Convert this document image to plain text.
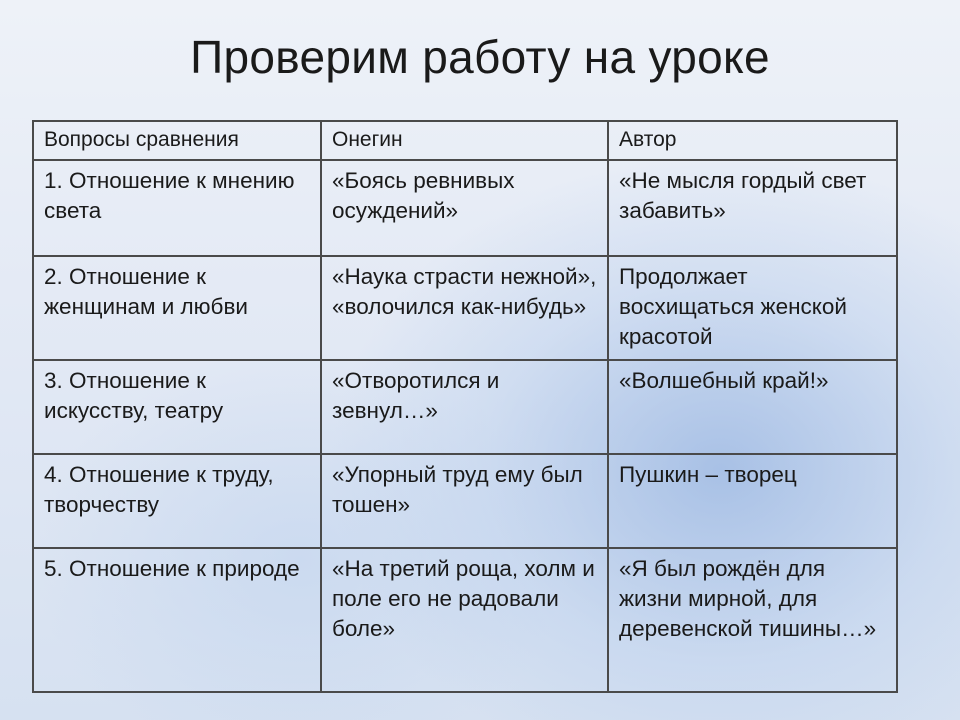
Проверим работу на уроке
Вопросы сравнения	Онегин	Автор
1. Отношение к мнению света	«Боясь ревнивых осуждений»	«Не мысля гордый свет забавить»
2. Отношение к женщинам и любви	«Наука страсти нежной», «волочился как-нибудь»	Продолжает восхищаться женской красотой
3. Отношение к искусству, театру	«Отворотился и зевнул…»	«Волшебный край!»
4. Отношение к труду, творчеству	«Упорный труд ему был тошен»	Пушкин – творец
5. Отношение к природе	«На третий роща, холм и поле его не радовали боле»	«Я был рождён для жизни мирной, для деревенской тишины…»
